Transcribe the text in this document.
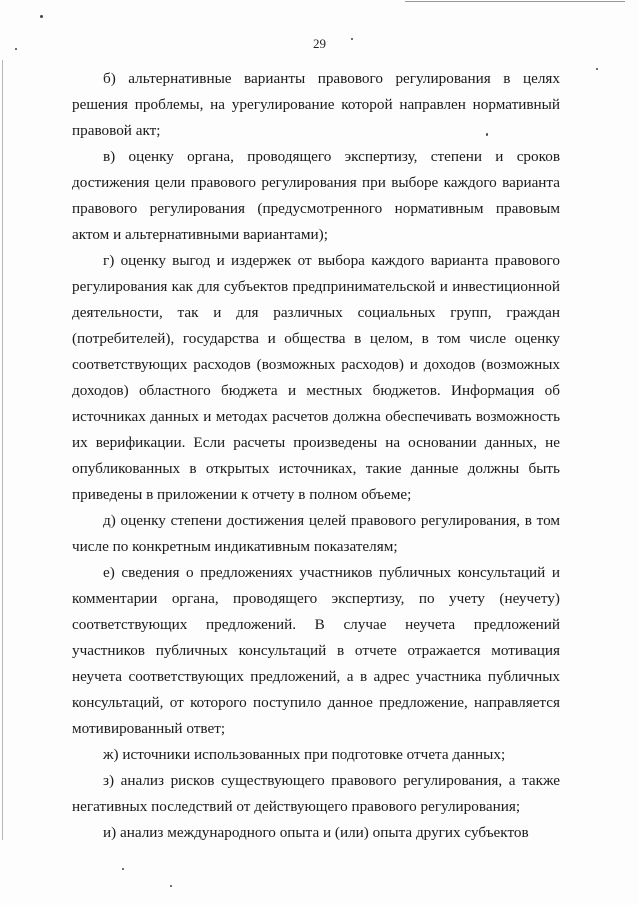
29

б) альтернативные варианты правового регулирования в целях решения проблемы, на урегулирование которой направлен нормативный правовой акт;

в) оценку органа, проводящего экспертизу, степени и сроков достижения цели правового регулирования при выборе каждого варианта правового регулирования (предусмотренного нормативным правовым актом и альтернативными вариантами);

г) оценку выгод и издержек от выбора каждого варианта правового регулирования как для субъектов предпринимательской и инвестиционной деятельности, так и для различных социальных групп, граждан (потребителей), государства и общества в целом, в том числе оценку соответствующих расходов (возможных расходов) и доходов (возможных доходов) областного бюджета и местных бюджетов. Информация об источниках данных и методах расчетов должна обеспечивать возможность их верификации. Если расчеты произведены на основании данных, не опубликованных в открытых источниках, такие данные должны быть приведены в приложении к отчету в полном объеме;

д) оценку степени достижения целей правового регулирования, в том числе по конкретным индикативным показателям;

е) сведения о предложениях участников публичных консультаций и комментарии органа, проводящего экспертизу, по учету (неучету) соответствующих предложений. В случае неучета предложений участников публичных консультаций в отчете отражается мотивация неучета соответствующих предложений, а в адрес участника публичных консультаций, от которого поступило данное предложение, направляется мотивированный ответ;

ж) источники использованных при подготовке отчета данных;

з) анализ рисков существующего правового регулирования, а также негативных последствий от действующего правового регулирования;

и) анализ международного опыта и (или) опыта других субъектов
